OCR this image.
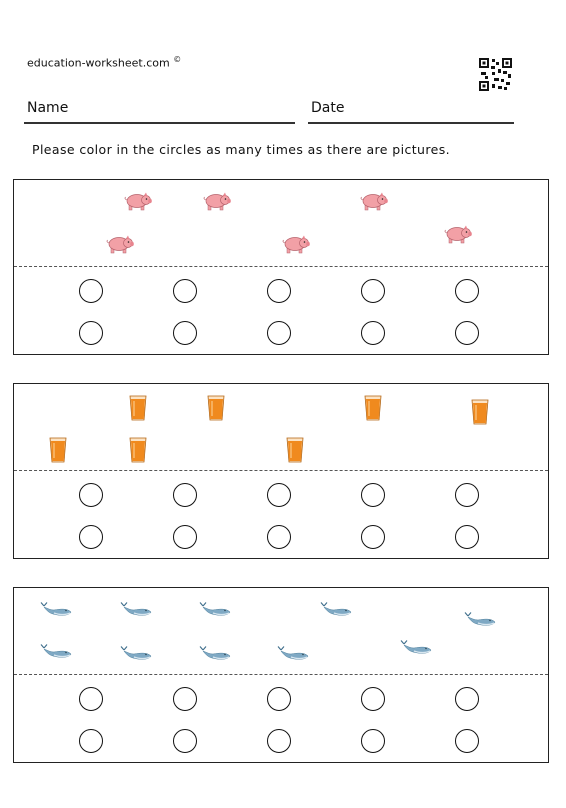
education-worksheet.com ©
Name	Date
Please color in the circles as many times as there are pictures.
